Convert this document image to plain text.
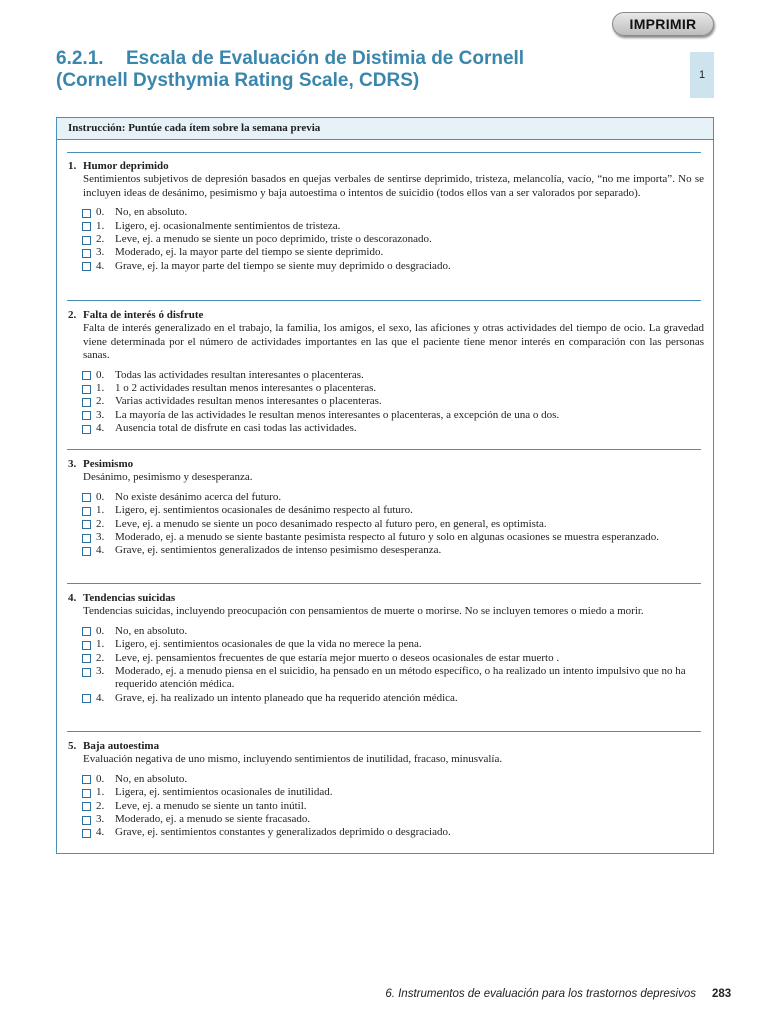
IMPRIMIR
6.2.1. Escala de Evaluación de Distimia de Cornell
(Cornell Dysthymia Rating Scale, CDRS)	1
Instrucción: Puntúe cada ítem sobre la semana previa

1. Humor deprimido

Sentimientos subjetivos de depresión basados en quejas verbales de sentirse deprimido, tristeza, melancolía, vacío, “no me importa”. No se incluyen ideas de desánimo, pesimismo y baja autoestima o intentos de suicidio (todos ellos van a ser valorados por separado).

0. No, en absoluto.
1. Ligero, ej. ocasionalmente sentimientos de tristeza.
2. Leve, ej. a menudo se siente un poco deprimido, triste o descorazonado.
3. Moderado, ej. la mayor parte del tiempo se siente deprimido.
4. Grave, ej. la mayor parte del tiempo se siente muy deprimido o desgraciado.

2. Falta de interés ó disfrute

Falta de interés generalizado en el trabajo, la familia, los amigos, el sexo, las aficiones y otras actividades del tiempo de ocio. La gravedad viene determinada por el número de actividades importantes en las que el paciente tiene menor interés en comparación con las personas sanas.

0. Todas las actividades resultan interesantes o placenteras.
1. 1 o 2 actividades resultan menos interesantes o placenteras.
2. Varias actividades resultan menos interesantes o placenteras.
3. La mayoría de las actividades le resultan menos interesantes o placenteras, a excepción de una o dos.
4. Ausencia total de disfrute en casi todas las actividades.

3. Pesimismo

Desánimo, pesimismo y desesperanza.

0. No existe desánimo acerca del futuro.
1. Ligero, ej. sentimientos ocasionales de desánimo respecto al futuro.
2. Leve, ej. a menudo se siente un poco desanimado respecto al futuro pero, en general, es optimista.
3. Moderado, ej. a menudo se siente bastante pesimista respecto al futuro y solo en algunas ocasiones se muestra esperanzado.
4. Grave, ej. sentimientos generalizados de intenso pesimismo desesperanza.

4. Tendencias suicidas

Tendencias suicidas, incluyendo preocupación con pensamientos de muerte o morirse. No se incluyen temores o miedo a morir.

0. No, en absoluto.
1. Ligero, ej. sentimientos ocasionales de que la vida no merece la pena.
2. Leve, ej. pensamientos frecuentes de que estaría mejor muerto o deseos ocasionales de estar muerto .
3. Moderado, ej. a menudo piensa en el suicidio, ha pensado en un método específico, o ha realizado un intento impulsivo que no ha requerido atención médica.
4. Grave, ej. ha realizado un intento planeado que ha requerido atención médica.

5. Baja autoestima

Evaluación negativa de uno mismo, incluyendo sentimientos de inutilidad, fracaso, minusvalía.

0. No, en absoluto.
1. Ligera, ej. sentimientos ocasionales de inutilidad.
2. Leve, ej. a menudo se siente un tanto inútil.
3. Moderado, ej. a menudo se siente fracasado.
4. Grave, ej. sentimientos constantes y generalizados deprimido o desgraciado.
6. Instrumentos de evaluación para los trastornos depresivos 283
